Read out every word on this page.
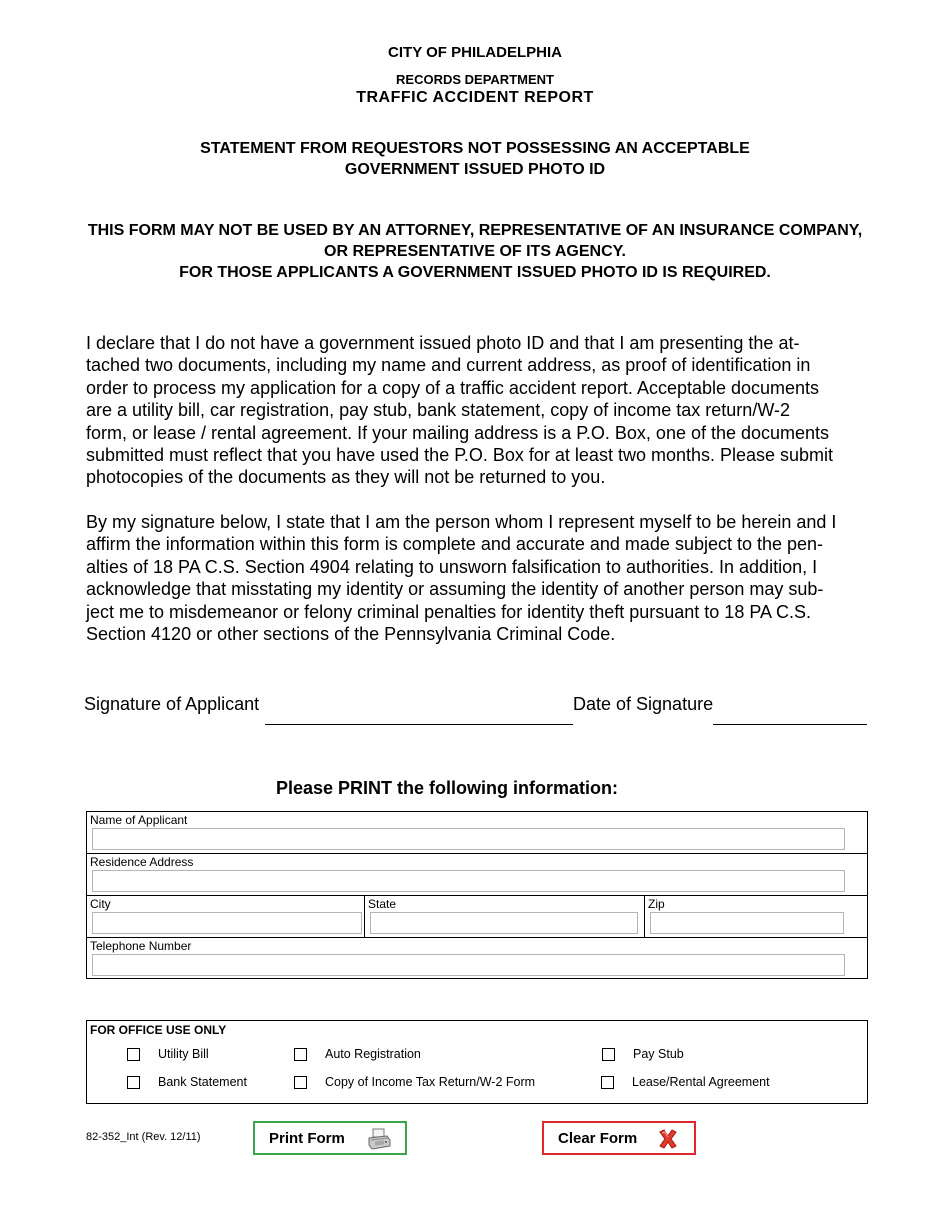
CITY OF PHILADELPHIA
RECORDS DEPARTMENT
TRAFFIC ACCIDENT REPORT
STATEMENT FROM REQUESTORS NOT POSSESSING AN ACCEPTABLE
GOVERNMENT ISSUED PHOTO ID
THIS FORM MAY NOT BE USED BY AN ATTORNEY, REPRESENTATIVE OF AN INSURANCE COMPANY,
OR REPRESENTATIVE OF ITS AGENCY.
FOR THOSE APPLICANTS A GOVERNMENT ISSUED PHOTO ID IS REQUIRED.
I declare that I do not have a government issued photo ID and that I am presenting the at-
tached two documents, including my name and current address, as proof of identification in
order to process my application for a copy of a traffic accident report. Acceptable documents
are a utility bill, car registration, pay stub, bank statement, copy of income tax return/W-2
form, or lease / rental agreement. If your mailing address is a P.O. Box, one of the documents
submitted must reflect that you have used the P.O. Box for at least two months. Please submit
photocopies of the documents as they will not be returned to you.
By my signature below, I state that I am the person whom I represent myself to be herein and I
affirm the information within this form is complete and accurate and made subject to the pen-
alties of 18 PA C.S. Section 4904 relating to unsworn falsification to authorities. In addition, I
acknowledge that misstating my identity or assuming the identity of another person may sub-
ject me to misdemeanor or felony criminal penalties for identity theft pursuant to 18 PA C.S.
Section 4120 or other sections of the Pennsylvania Criminal Code.
Signature of Applicant	Date of Signature
Please PRINT the following information:
Name of Applicant
Residence Address
City	State	Zip
Telephone Number
FOR OFFICE USE ONLY
Utility Bill	Auto Registration	Pay Stub
Bank Statement	Copy of Income Tax Return/W-2 Form	Lease/Rental Agreement
82-352_Int (Rev. 12/11)	Print Form	Clear Form
